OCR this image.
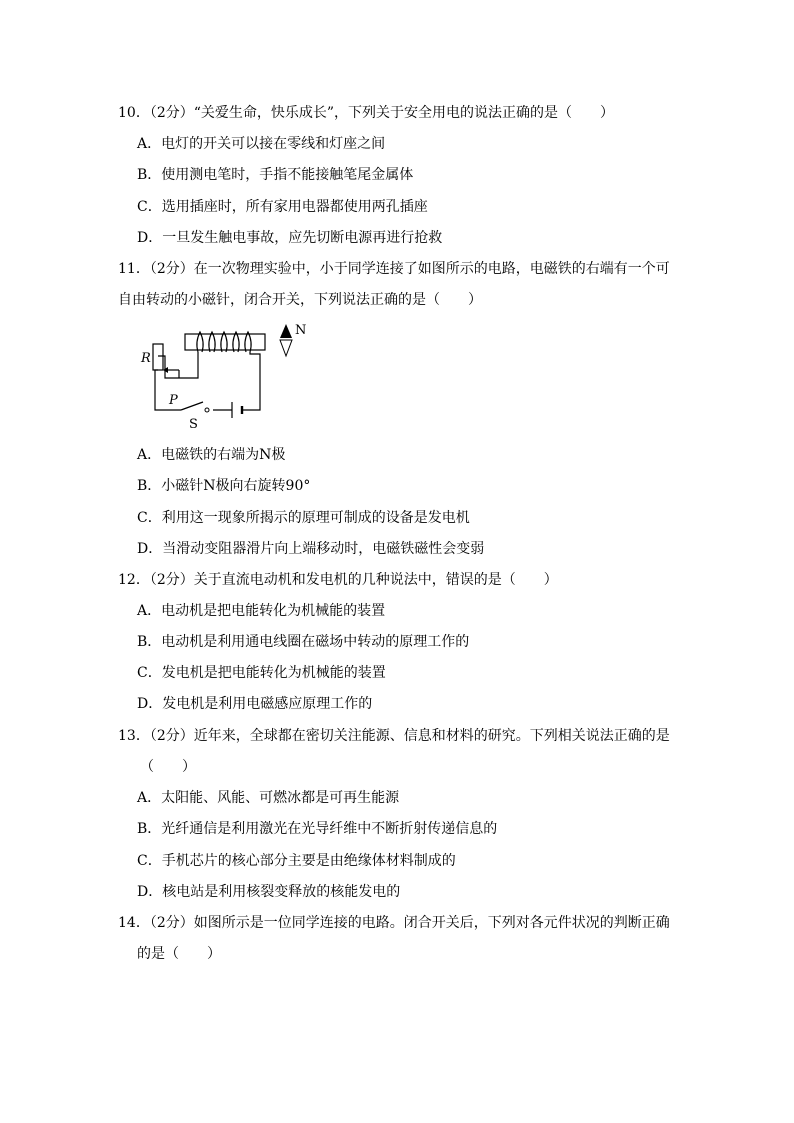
10．（2分）“关爱生命，快乐成长”，下列关于安全用电的说法正确的是（　　）
A．电灯的开关可以接在零线和灯座之间
B．使用测电笔时，手指不能接触笔尾金属体
C．选用插座时，所有家用电器都使用两孔插座
D．一旦发生触电事故，应先切断电源再进行抢救
11．（2分）在一次物理实验中，小于同学连接了如图所示的电路，电磁铁的右端有一个可
自由转动的小磁针，闭合开关，下列说法正确的是（　　）
N
R
P
S
A．电磁铁的右端为N极
B．小磁针N极向右旋转90°
C．利用这一现象所揭示的原理可制成的设备是发电机
D．当滑动变阻器滑片向上端移动时，电磁铁磁性会变弱
12．（2分）关于直流电动机和发电机的几种说法中，错误的是（　　）
A．电动机是把电能转化为机械能的装置
B．电动机是利用通电线圈在磁场中转动的原理工作的
C．发电机是把电能转化为机械能的装置
D．发电机是利用电磁感应原理工作的
13．（2分）近年来，全球都在密切关注能源、信息和材料的研究。下列相关说法正确的是
（　　）
A．太阳能、风能、可燃冰都是可再生能源
B．光纤通信是利用激光在光导纤维中不断折射传递信息的
C．手机芯片的核心部分主要是由绝缘体材料制成的
D．核电站是利用核裂变释放的核能发电的
14．（2分）如图所示是一位同学连接的电路。闭合开关后，下列对各元件状况的判断正确
的是（　　）
